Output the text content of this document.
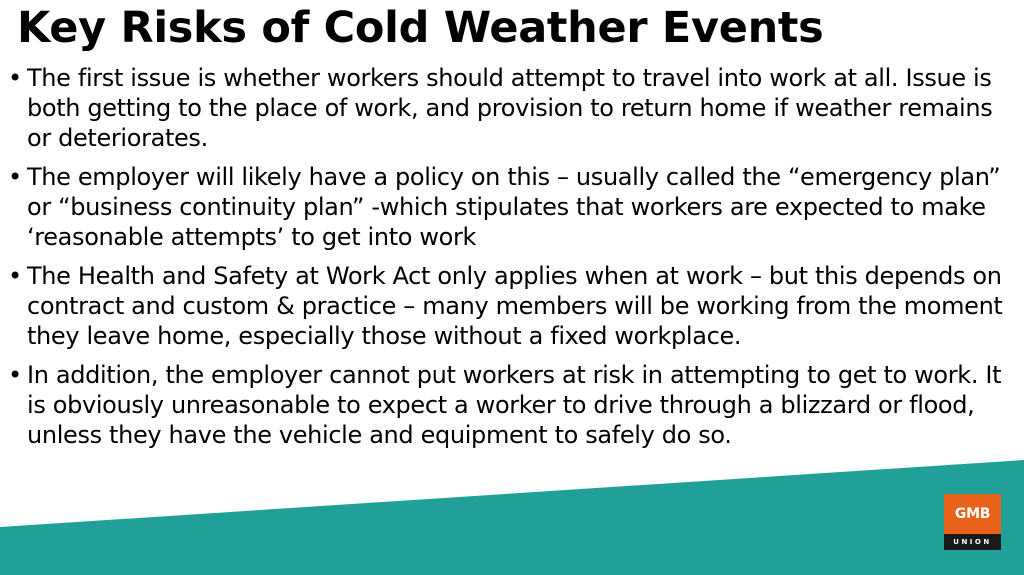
Key Risks of Cold Weather Events
• The first issue is whether workers should attempt to travel into work at all. Issue is both getting to the place of work, and provision to return home if weather remains or deteriorates.
• The employer will likely have a policy on this – usually called the “emergency plan” or “business continuity plan” -which stipulates that workers are expected to make ‘reasonable attempts’ to get into work
• The Health and Safety at Work Act only applies when at work – but this depends on contract and custom & practice – many members will be working from the moment they leave home, especially those without a fixed workplace.
• In addition, the employer cannot put workers at risk in attempting to get to work. It is obviously unreasonable to expect a worker to drive through a blizzard or flood, unless they have the vehicle and equipment to safely do so.
GMB
UNION
